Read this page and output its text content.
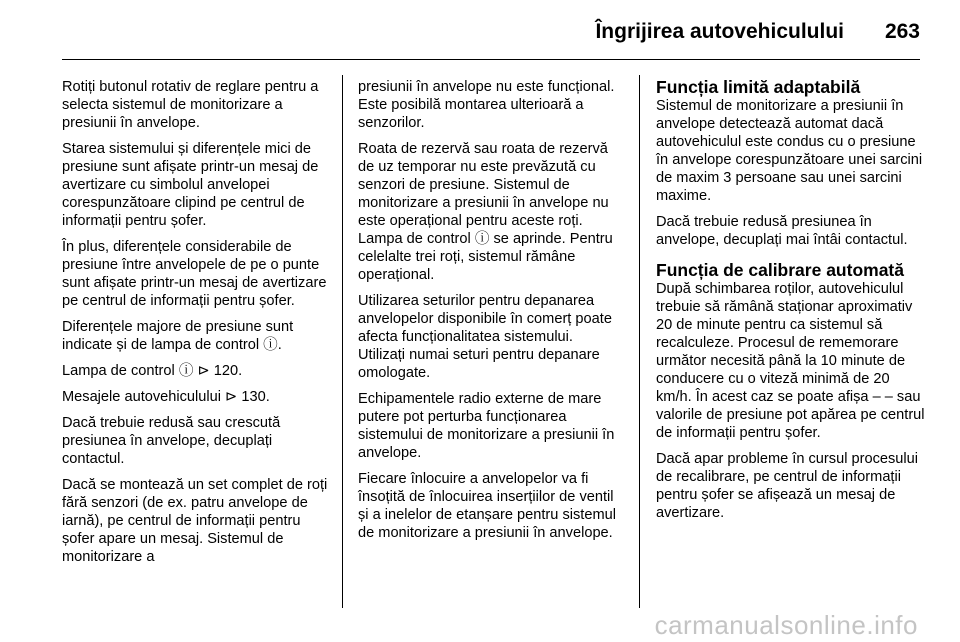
Îngrijirea autovehiculului 263

Rotiți butonul rotativ de reglare pentru a selecta sistemul de monitorizare a presiunii în anvelope.

Starea sistemului și diferențele mici de presiune sunt afișate printr-un mesaj de avertizare cu simbolul anvelopei corespunzătoare clipind pe centrul de informații pentru șofer.

În plus, diferențele considerabile de presiune între anvelopele de pe o punte sunt afișate printr-un mesaj de avertizare pe centrul de informații pentru șofer.

Diferențele majore de presiune sunt indicate și de lampa de control ⓘ.

Lampa de control ⓘ ⊳ 120.

Mesajele autovehiculului ⊳ 130.

Dacă trebuie redusă sau crescută presiunea în anvelope, decuplați contactul.

Dacă se montează un set complet de roți fără senzori (de ex. patru anvelope de iarnă), pe centrul de informații pentru șofer apare un mesaj. Sistemul de monitorizare a

presiunii în anvelope nu este funcțional. Este posibilă montarea ulterioară a senzorilor.

Roata de rezervă sau roata de rezervă de uz temporar nu este prevăzută cu senzori de presiune. Sistemul de monitorizare a presiunii în anvelope nu este operațional pentru aceste roți. Lampa de control ⓘ se aprinde. Pentru celelalte trei roți, sistemul rămâne operațional.

Utilizarea seturilor pentru depanarea anvelopelor disponibile în comerț poate afecta funcționalitatea sistemului. Utilizați numai seturi pentru depanare omologate.

Echipamentele radio externe de mare putere pot perturba funcționarea sistemului de monitorizare a presiunii în anvelope.

Fiecare înlocuire a anvelopelor va fi însoțită de înlocuirea inserțiilor de ventil și a inelelor de etanșare pentru sistemul de monitorizare a presiunii în anvelope.

Funcția limită adaptabilă

Sistemul de monitorizare a presiunii în anvelope detectează automat dacă autovehiculul este condus cu o presiune în anvelope corespunzătoare unei sarcini de maxim 3 persoane sau unei sarcini maxime.

Dacă trebuie redusă presiunea în anvelope, decuplați mai întâi contactul.

Funcția de calibrare automată

După schimbarea roților, autovehiculul trebuie să rămână staționar aproximativ 20 de minute pentru ca sistemul să recalculeze. Procesul de rememorare următor necesită până la 10 minute de conducere cu o viteză minimă de 20 km/h. În acest caz se poate afișa – – sau valorile de presiune pot apărea pe centrul de informații pentru șofer.

Dacă apar probleme în cursul procesului de recalibrare, pe centrul de informații pentru șofer se afișează un mesaj de avertizare.

carmanualsonline.info
